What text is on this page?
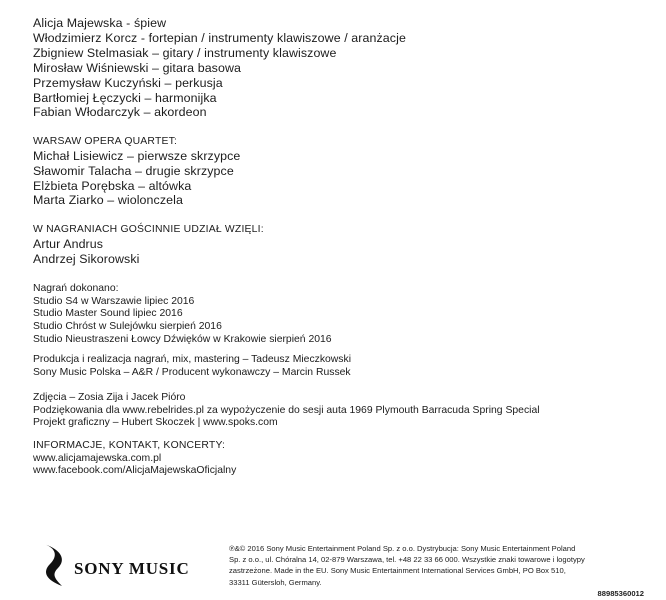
Alicja Majewska - śpiew
Włodzimierz Korcz - fortepian / instrumenty klawiszowe / aranżacje
Zbigniew Stelmasiak – gitary / instrumenty klawiszowe
Mirosław Wiśniewski – gitara basowa
Przemysław Kuczyński – perkusja
Bartłomiej Łęczycki – harmonijka
Fabian Włodarczyk – akordeon
WARSAW OPERA QUARTET:
Michał Lisiewicz – pierwsze skrzypce
Sławomir Talacha – drugie skrzypce
Elżbieta Porębska – altówka
Marta Ziarko – wiolonczela
W NAGRANIACH GOŚCINNIE UDZIAŁ WZIĘLI:
Artur Andrus
Andrzej Sikorowski
Nagrań dokonano:
Studio S4 w Warszawie lipiec 2016
Studio Master Sound lipiec 2016
Studio Chróst w Sulejówku sierpień 2016
Studio Nieustraszeni Łowcy Dźwięków w Krakowie sierpień 2016
Produkcja i realizacja nagrań, mix, mastering – Tadeusz Mieczkowski
Sony Music Polska – A&R / Producent wykonawczy – Marcin Russek
Zdjęcia – Zosia Zija i Jacek Pióro
Podziękowania dla www.rebelrides.pl za wypożyczenie do sesji auta 1969 Plymouth Barracuda Spring Special
Projekt graficzny – Hubert Skoczek | www.spoks.com
INFORMACJE, KONTAKT, KONCERTY:
www.alicjamajewska.com.pl
www.facebook.com/AlicjaMajewskaOficjalny
SONY MUSIC
℗&© 2016 Sony Music Entertainment Poland Sp. z o.o. Dystrybucja: Sony Music Entertainment Poland
Sp. z o.o., ul. Chóralna 14, 02-879 Warszawa, tel. +48 22 33 66 000. Wszystkie znaki towarowe i logotypy
zastrzeżone. Made in the EU. Sony Music Entertainment International Services GmbH, PO Box 510,
33311 Gütersloh, Germany.
88985360012
